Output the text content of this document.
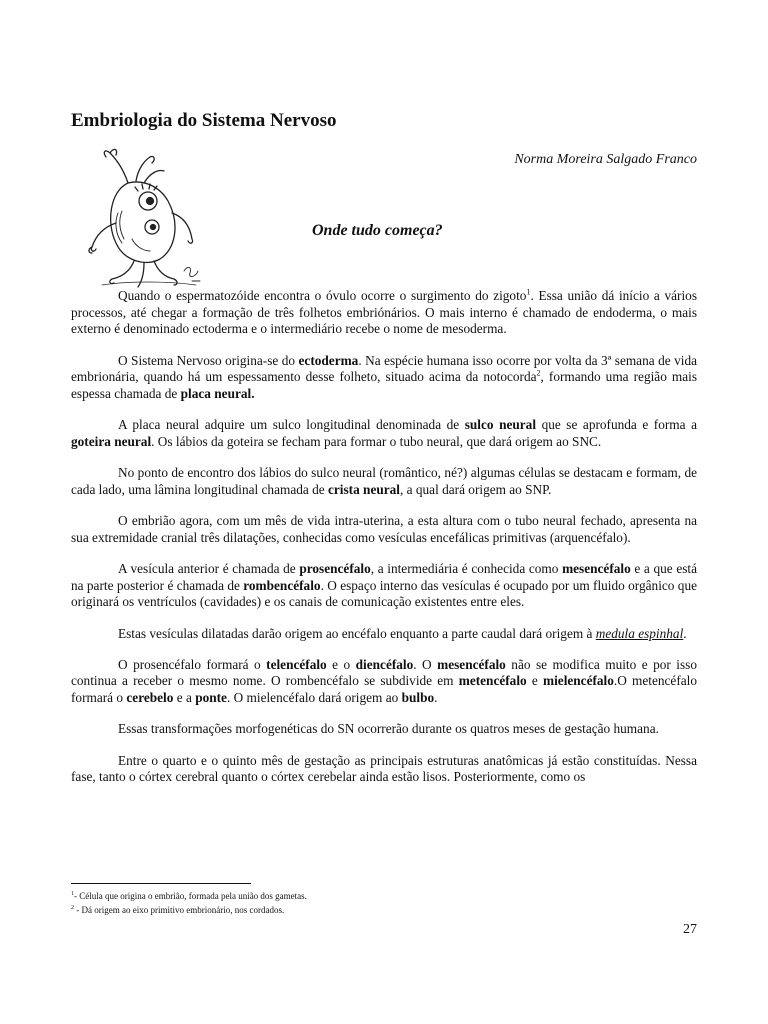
Embriologia do Sistema Nervoso
Norma Moreira Salgado Franco
Onde tudo começa?

Quando o espermatozóide encontra o óvulo ocorre o surgimento do zigoto$^1$. Essa união dá início a vários processos, até chegar a formação de três folhetos embriónários. O mais interno é chamado de endoderma, o mais externo é denominado ectoderma e o intermediário recebe o nome de mesoderma.

O Sistema Nervoso origina-se do ectoderma. Na espécie humana isso ocorre por volta da 3ª semana de vida embrionária, quando há um espessamento desse folheto, situado acima da notocorda$^2$, formando uma região mais espessa chamada de placa neural.

A placa neural adquire um sulco longitudinal denominada de sulco neural que se aprofunda e forma a goteira neural. Os lábios da goteira se fecham para formar o tubo neural, que dará origem ao SNC.

No ponto de encontro dos lábios do sulco neural (romântico, né?) algumas células se destacam e formam, de cada lado, uma lâmina longitudinal chamada de crista neural, a qual dará origem ao SNP.

O embrião agora, com um mês de vida intra-uterina, a esta altura com o tubo neural fechado, apresenta na sua extremidade cranial três dilatações, conhecidas como vesículas encefálicas primitivas (arquencéfalo).

A vesícula anterior é chamada de prosencéfalo, a intermediária é conhecida como mesencéfalo e a que está na parte posterior é chamada de rombencéfalo. O espaço interno das vesículas é ocupado por um fluido orgânico que originará os ventrículos (cavidades) e os canais de comunicação existentes entre eles.

Estas vesículas dilatadas darão origem ao encéfalo enquanto a parte caudal dará origem à medula espinhal.

O prosencéfalo formará o telencéfalo e o diencéfalo. O mesencéfalo não se modifica muito e por isso continua a receber o mesmo nome. O rombencéfalo se subdivide em metencéfalo e mielencéfalo.O metencéfalo formará o cerebelo e a ponte. O mielencéfalo dará origem ao bulbo.

Essas transformações morfogenéticas do SN ocorrerão durante os quatros meses de gestação humana.

Entre o quarto e o quinto mês de gestação as principais estruturas anatômicas já estão constituídas. Nessa fase, tanto o córtex cerebral quanto o córtex cerebelar ainda estão lisos. Posteriormente, como os

$^1$- Célula que origina o embrião, formada pela união dos gametas.
$^2$ - Dá origem ao eixo primitivo embrionário, nos cordados.
27
